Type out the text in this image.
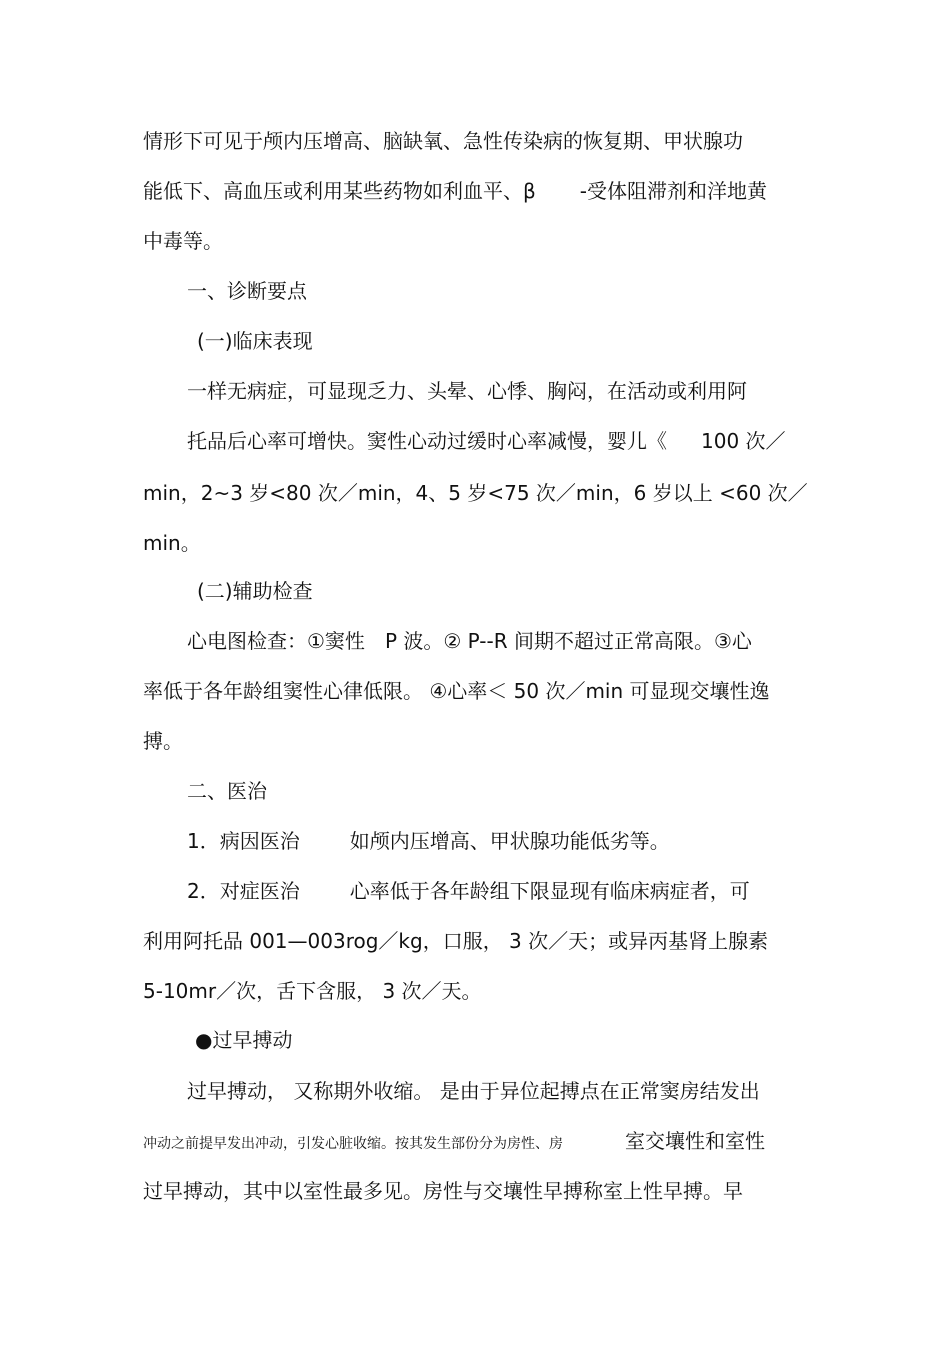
情形下可见于颅内压增高、脑缺氧、急性传染病的恢复期、甲状腺功
能低下、高血压或利用某些药物如利血平、β -受体阻滞剂和洋地黄
中毒等。
一、诊断要点
(一)临床表现
一样无病症，可显现乏力、头晕、心悸、胸闷，在活动或利用阿
托品后心率可增快。窦性心动过缓时心率减慢，婴儿《 100 次／
min，2~3 岁<80 次／min，4、5 岁<75 次／min，6 岁以上 <60 次／
min。
(二)辅助检查
心电图检查：①窦性 P 波。② P--R 间期不超过正常高限。③心
率低于各年龄组窦性心律低限。 ④心率＜ 50 次／min 可显现交壤性逸
搏。
二、医治
1．病因医治	如颅内压增高、甲状腺功能低劣等。
2．对症医治	心率低于各年龄组下限显现有临床病症者，可
利用阿托品 001—003rog／kg，口服， 3 次／天；或异丙基肾上腺素
5-10mr／次，舌下含服， 3 次／天。
●过早搏动
过早搏动， 又称期外收缩。 是由于异位起搏点在正常窦房结发出
冲动之前提早发出冲动，引发心脏收缩。按其发生部份分为房性、房	室交壤性和室性
过早搏动，其中以室性最多见。房性与交壤性早搏称室上性早搏。早
